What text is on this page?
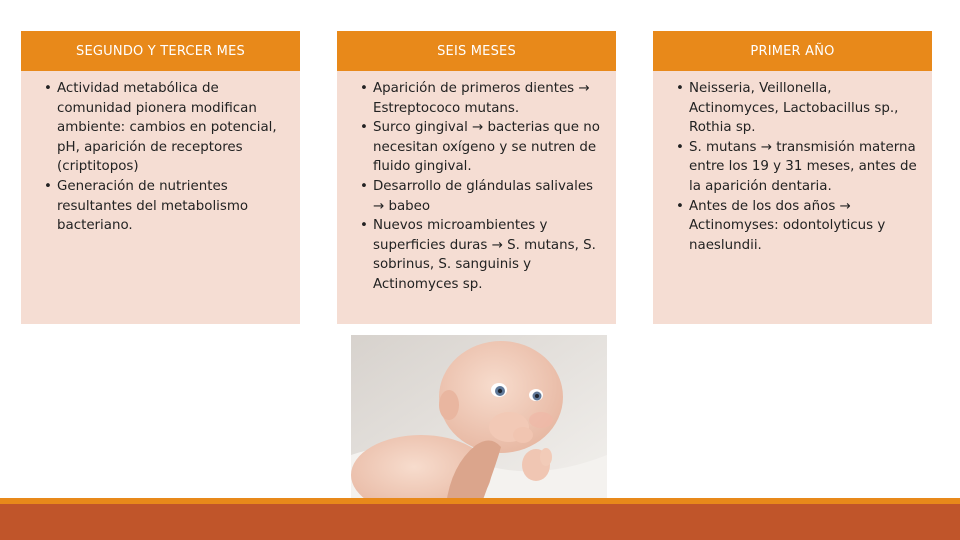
SEGUNDO Y TERCER MES
• Actividad metabólica de comunidad pionera modifican ambiente: cambios en potencial, pH, aparición de receptores (criptitopos)
• Generación de nutrientes resultantes del metabolismo bacteriano.
SEIS MESES
• Aparición de primeros dientes → Estreptococo mutans.
• Surco gingival → bacterias que no necesitan oxígeno y se nutren de fluido gingival.
• Desarrollo de glándulas salivales → babeo
• Nuevos microambientes y superficies duras → S. mutans, S. sobrinus, S. sanguinis y Actinomyces sp.
PRIMER AÑO
• Neisseria, Veillonella, Actinomyces, Lactobacillus sp., Rothia sp.
• S. mutans → transmisión materna entre los 19 y 31 meses, antes de la aparición dentaria.
• Antes de los dos años → Actinomyses: odontolyticus y naeslundii.
